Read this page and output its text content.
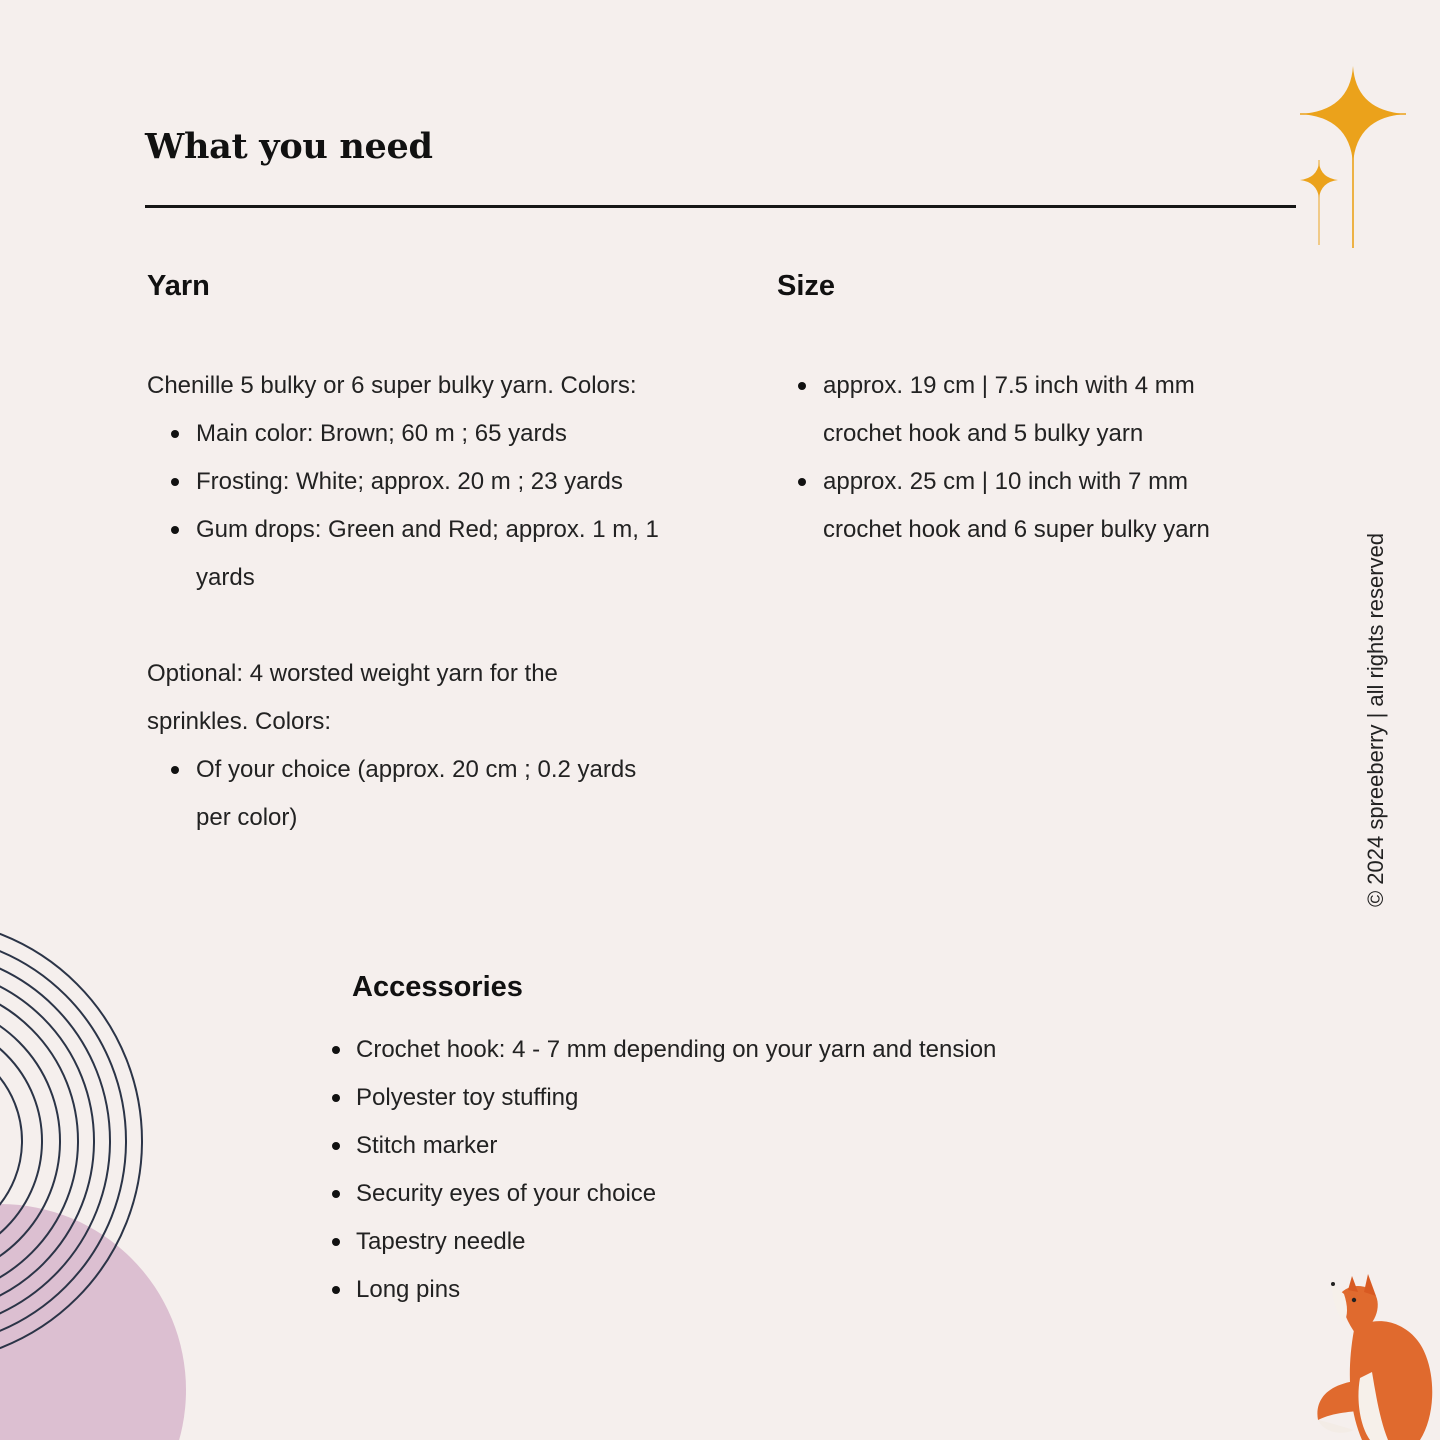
What you need
Yarn

Chenille 5 bulky or 6 super bulky yarn. Colors:

Main color: Brown; 60 m ; 65 yards
Frosting: White; approx. 20 m ; 23 yards
Gum drops: Green and Red; approx. 1 m, 1 yards

Optional: 4 worsted weight yarn for the sprinkles. Colors:

Of your choice (approx. 20 cm ; 0.2 yards per color)
Size
approx. 19 cm | 7.5 inch with 4 mm crochet hook and 5 bulky yarn
approx. 25 cm | 10 inch with 7 mm crochet hook and 6 super bulky yarn
Accessories
Crochet hook: 4 - 7 mm depending on your yarn and tension
Polyester toy stuffing
Stitch marker
Security eyes of your choice
Tapestry needle
Long pins
© 2024 spreeberry | all rights reserved
